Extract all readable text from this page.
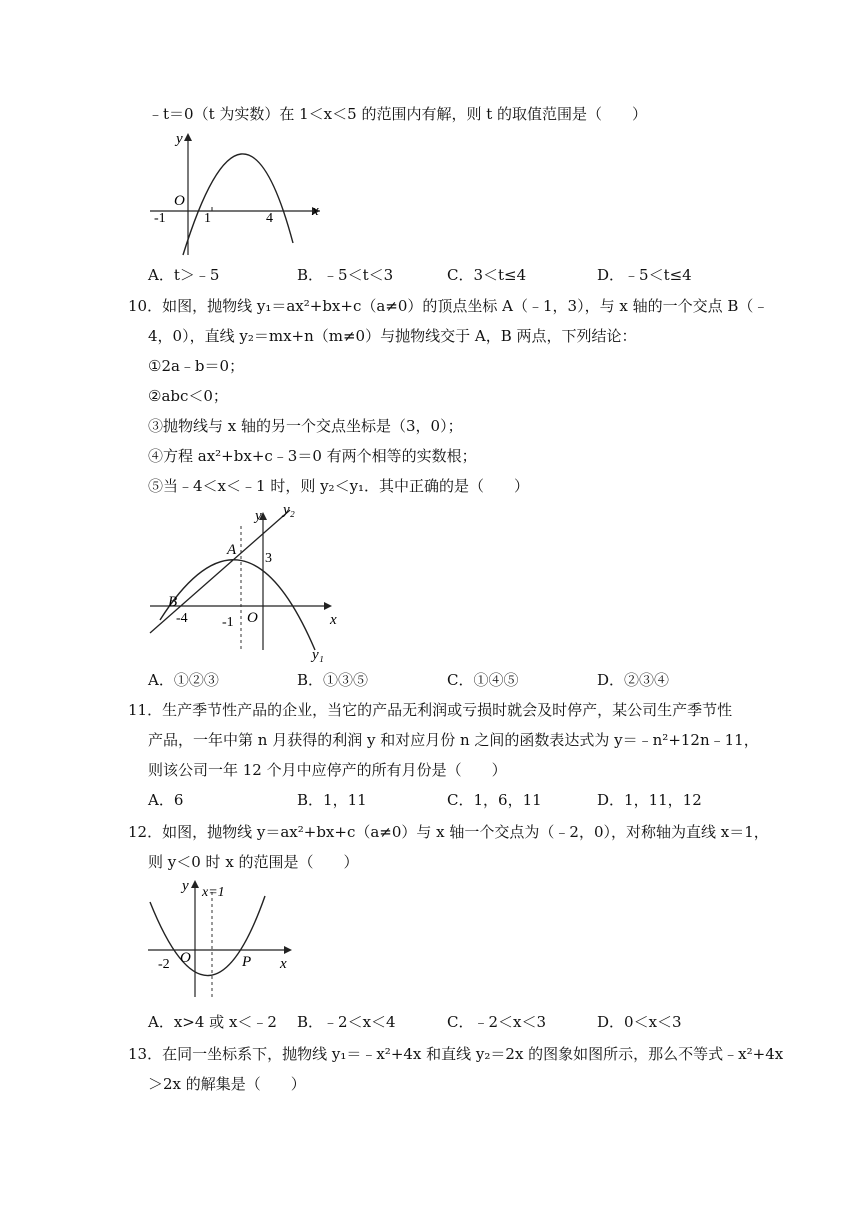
﹣t＝0（t 为实数）在 1＜x＜5 的范围内有解，则 t 的取值范围是（　　）
y
O
x
-1	1	4
A．t＞﹣5	B．﹣5＜t＜3	C．3＜t≤4	D．﹣5＜t≤4
10．如图，抛物线 y₁＝ax²+bx+c（a≠0）的顶点坐标 A（﹣1，3），与 x 轴的一个交点 B（﹣
4，0），直线 y₂＝mx+n（m≠0）与抛物线交于 A，B 两点，下列结论：
①2a﹣b＝0；
②abc＜0；
③抛物线与 x 轴的另一个交点坐标是（3，0）；
④方程 ax²+bx+c﹣3＝0 有两个相等的实数根；
⑤当﹣4＜x＜﹣1 时，则 y₂＜y₁．其中正确的是（　　）
y y₂
A
3
B
-4 -1 O	x
y₁
A．①②③	B．①③⑤	C．①④⑤	D．②③④
11．生产季节性产品的企业，当它的产品无利润或亏损时就会及时停产，某公司生产季节性
产品，一年中第 n 月获得的利润 y 和对应月份 n 之间的函数表达式为 y＝﹣n²+12n﹣11，
则该公司一年 12 个月中应停产的所有月份是（　　）
A．6	B．1，11	C．1，6，11	D．1，11，12
12．如图，抛物线 y＝ax²+bx+c（a≠0）与 x 轴一个交点为（﹣2，0），对称轴为直线 x＝1，
则 y＜0 时 x 的范围是（　　）
y x=1
-2 O	P x
A．x>4 或 x＜﹣2 B．﹣2＜x＜4	C．﹣2＜x＜3	D．0＜x＜3
13．在同一坐标系下，抛物线 y₁＝﹣x²+4x 和直线 y₂＝2x 的图象如图所示，那么不等式﹣x²+4x
＞2x 的解集是（　　）
